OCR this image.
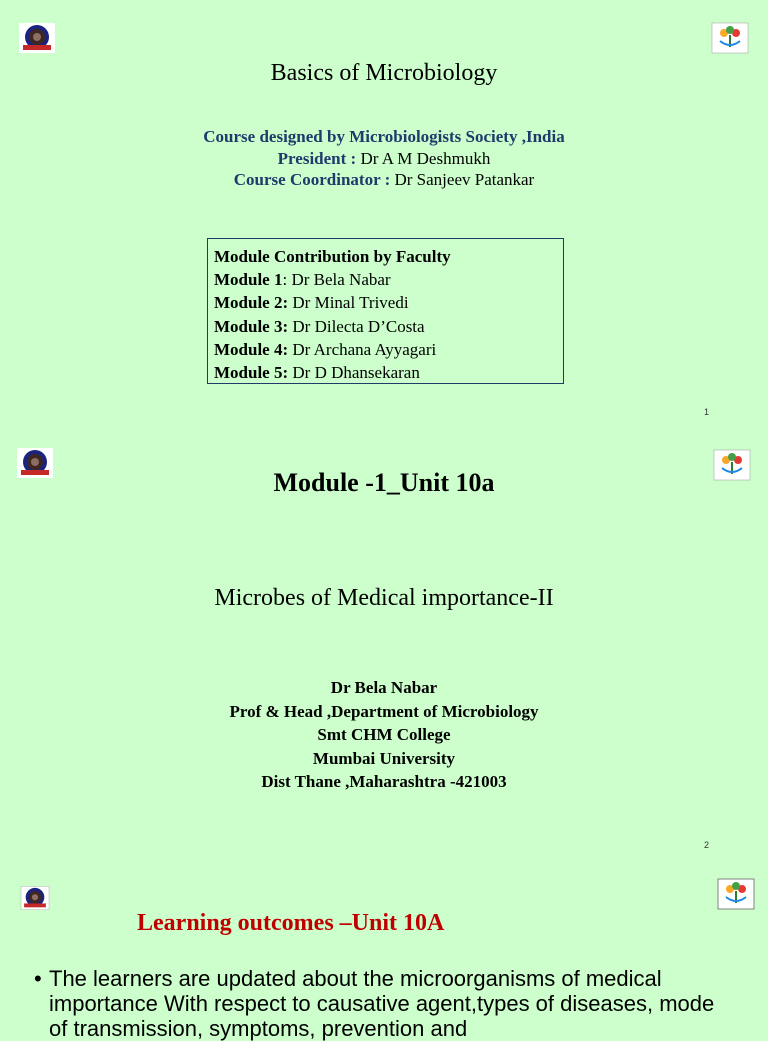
Basics of Microbiology
Course designed by Microbiologists Society ,India
President : Dr A M Deshmukh
Course Coordinator : Dr Sanjeev Patankar
Module Contribution by Faculty
Module 1: Dr Bela Nabar
Module 2: Dr Minal Trivedi
Module 3: Dr Dilecta D’Costa
Module 4: Dr Archana Ayyagari
Module 5: Dr D Dhansekaran
1
Module -1_Unit 10a
Microbes of Medical importance-II
Dr Bela Nabar
Prof & Head ,Department of Microbiology
Smt CHM College
Mumbai University
Dist Thane ,Maharashtra -421003
2
Learning outcomes –Unit 10A
• The learners are updated about the microorganisms of medical importance With respect to causative agent,types of diseases, mode of transmission, symptoms, prevention and
